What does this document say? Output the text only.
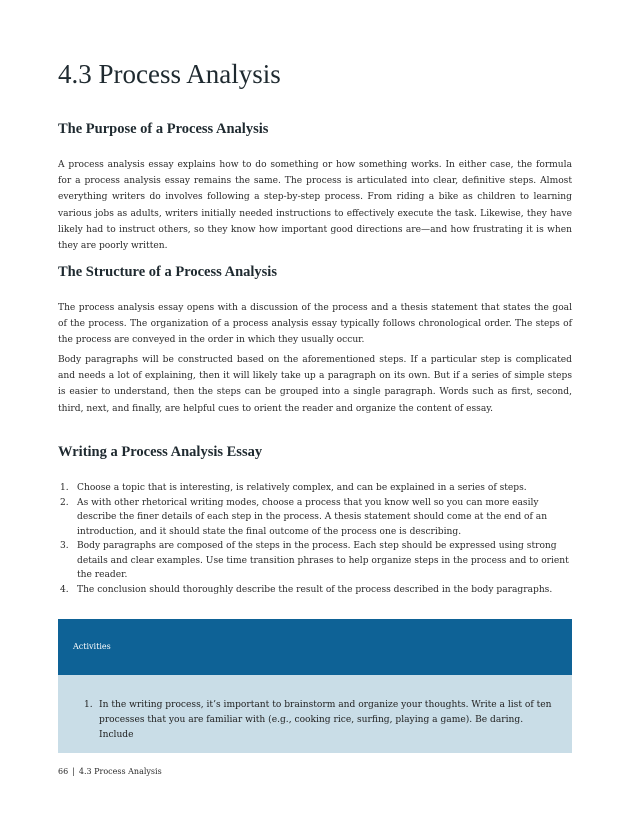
4.3 Process Analysis
The Purpose of a Process Analysis

A process analysis essay explains how to do something or how something works. In either case, the formula for a process analysis essay remains the same. The process is articulated into clear, definitive steps. Almost everything writers do involves following a step-by-step process. From riding a bike as children to learning various jobs as adults, writers initially needed instructions to effectively execute the task. Likewise, they have likely had to instruct others, so they know how important good directions are—and how frustrating it is when they are poorly written.

The Structure of a Process Analysis

The process analysis essay opens with a discussion of the process and a thesis statement that states the goal of the process. The organization of a process analysis essay typically follows chronological order. The steps of the process are conveyed in the order in which they usually occur.

Body paragraphs will be constructed based on the aforementioned steps. If a particular step is complicated and needs a lot of explaining, then it will likely take up a paragraph on its own. But if a series of simple steps is easier to understand, then the steps can be grouped into a single paragraph. Words such as first, second, third, next, and finally, are helpful cues to orient the reader and organize the content of essay.

Writing a Process Analysis Essay
1. Choose a topic that is interesting, is relatively complex, and can be explained in a series of steps.
2. As with other rhetorical writing modes, choose a process that you know well so you can more easily describe the finer details of each step in the process. A thesis statement should come at the end of an introduction, and it should state the final outcome of the process one is describing.
3. Body paragraphs are composed of the steps in the process. Each step should be expressed using strong details and clear examples. Use time transition phrases to help organize steps in the process and to orient the reader.
4. The conclusion should thoroughly describe the result of the process described in the body paragraphs.
Activities
1. In the writing process, it’s important to brainstorm and organize your thoughts. Write a list of ten processes that you are familiar with (e.g., cooking rice, surfing, playing a game). Be daring. Include
66 | 4.3 Process Analysis
